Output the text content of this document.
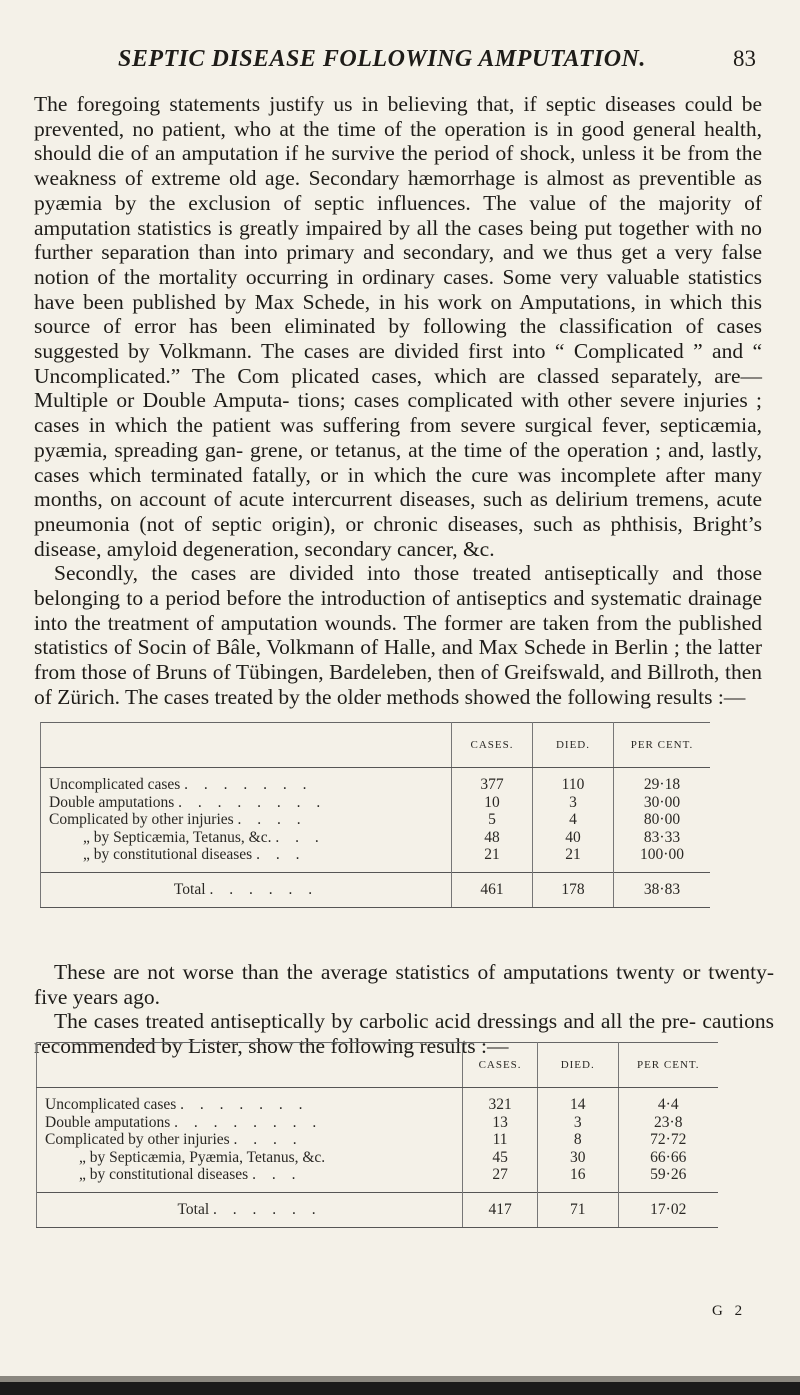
SEPTIC DISEASE FOLLOWING AMPUTATION.	83

The foregoing statements justify us in believing that, if septic diseases could be prevented, no patient, who at the time of the operation is in good general health, should die of an amputation if he survive the period of shock, unless it be from the weakness of extreme old age. Secondary hæmorrhage is almost as preventible as pyæmia by the exclusion of septic influences. The value of the majority of amputation statistics is greatly impaired by all the cases being put together with no further separation than into primary and secondary, and we thus get a very false notion of the mortality occurring in ordinary cases. Some very valuable statistics have been published by Max Schede, in his work on Amputations, in which this source of error has been eliminated by following the classification of cases suggested by Volkmann. The cases are divided first into “ Complicated ” and “ Uncomplicated.” The Com plicated cases, which are classed separately, are—Multiple or Double Amputa- tions; cases complicated with other severe injuries ; cases in which the patient was suffering from severe surgical fever, septicæmia, pyæmia, spreading gan- grene, or tetanus, at the time of the operation ; and, lastly, cases which terminated fatally, or in which the cure was incomplete after many months, on account of acute intercurrent diseases, such as delirium tremens, acute pneumonia (not of septic origin), or chronic diseases, such as phthisis, Bright’s disease, amyloid degeneration, secondary cancer, &c.

Secondly, the cases are divided into those treated antiseptically and those belonging to a period before the introduction of antiseptics and systematic drainage into the treatment of amputation wounds. The former are taken from the published statistics of Socin of Bâle, Volkmann of Halle, and Max Schede in Berlin ; the latter from those of Bruns of Tübingen, Bardeleben, then of Greifswald, and Billroth, then of Zürich. The cases treated by the older methods showed the following results :—

	CASES.	DIED.	PER CENT.

Uncomplicated cases . . . . . . .	377	110	29·18
Double amputations . . . . . . . .	10	3	30·00
Complicated by other injuries . . . .	5	4	80·00
„ by Septicæmia, Tetanus, &c. . . .	48	40	83·33
„ by constitutional diseases . . .	21	21	100·00

Total . . . . . .	461	178	38·83

These are not worse than the average statistics of amputations twenty or twenty-five years ago.

The cases treated antiseptically by carbolic acid dressings and all the pre- cautions recommended by Lister, show the following results :—

	CASES.	DIED.	PER CENT.

Uncomplicated cases . . . . . . .	321	14	4·4
Double amputations . . . . . . . .	13	3	23·8
Complicated by other injuries . . . .	11	8	72·72
„ by Septicæmia, Pyæmia, Tetanus, &c.	45	30	66·66
„ by constitutional diseases . . .	27	16	59·26

Total . . . . . .	417	71	17·02
G 2
